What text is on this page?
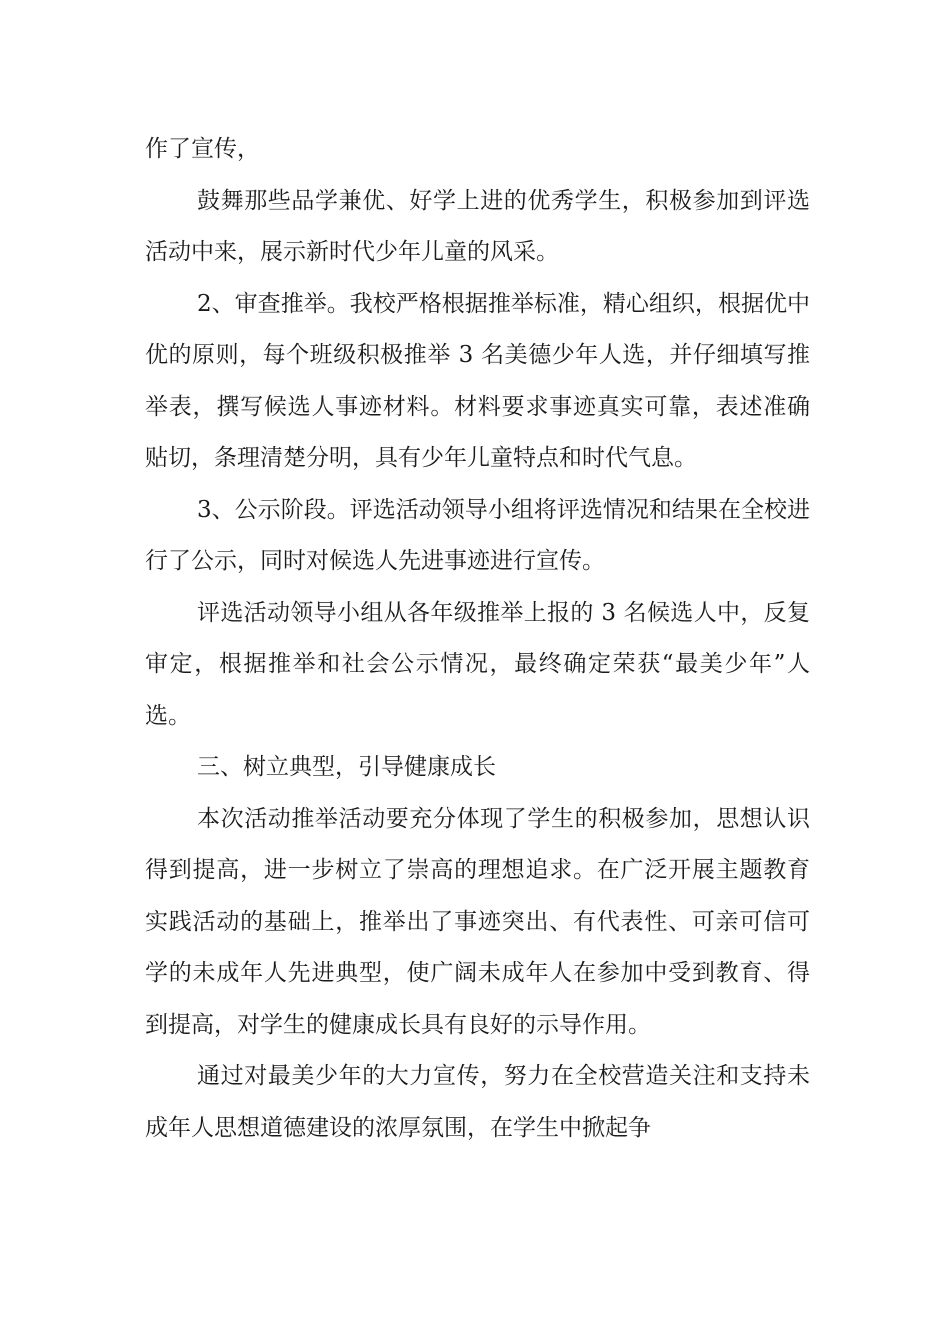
作了宣传，

鼓舞那些品学兼优、好学上进的优秀学生，积极参加到评选活动中来，展示新时代少年儿童的风采。

2、审查推举。我校严格根据推举标准，精心组织，根据优中优的原则，每个班级积极推举 3 名美德少年人选，并仔细填写推举表，撰写候选人事迹材料。材料要求事迹真实可靠，表述准确贴切，条理清楚分明，具有少年儿童特点和时代气息。

3、公示阶段。评选活动领导小组将评选情况和结果在全校进行了公示，同时对候选人先进事迹进行宣传。

评选活动领导小组从各年级推举上报的 3 名候选人中，反复审定，根据推举和社会公示情况，最终确定荣获“最美少年”人选。

三、树立典型，引导健康成长

本次活动推举活动要充分体现了学生的积极参加，思想认识得到提高，进一步树立了崇高的理想追求。在广泛开展主题教育实践活动的基础上，推举出了事迹突出、有代表性、可亲可信可学的未成年人先进典型，使广阔未成年人在参加中受到教育、得到提高，对学生的健康成长具有良好的示导作用。

通过对最美少年的大力宣传，努力在全校营造关注和支持未成年人思想道德建设的浓厚氛围，在学生中掀起争
